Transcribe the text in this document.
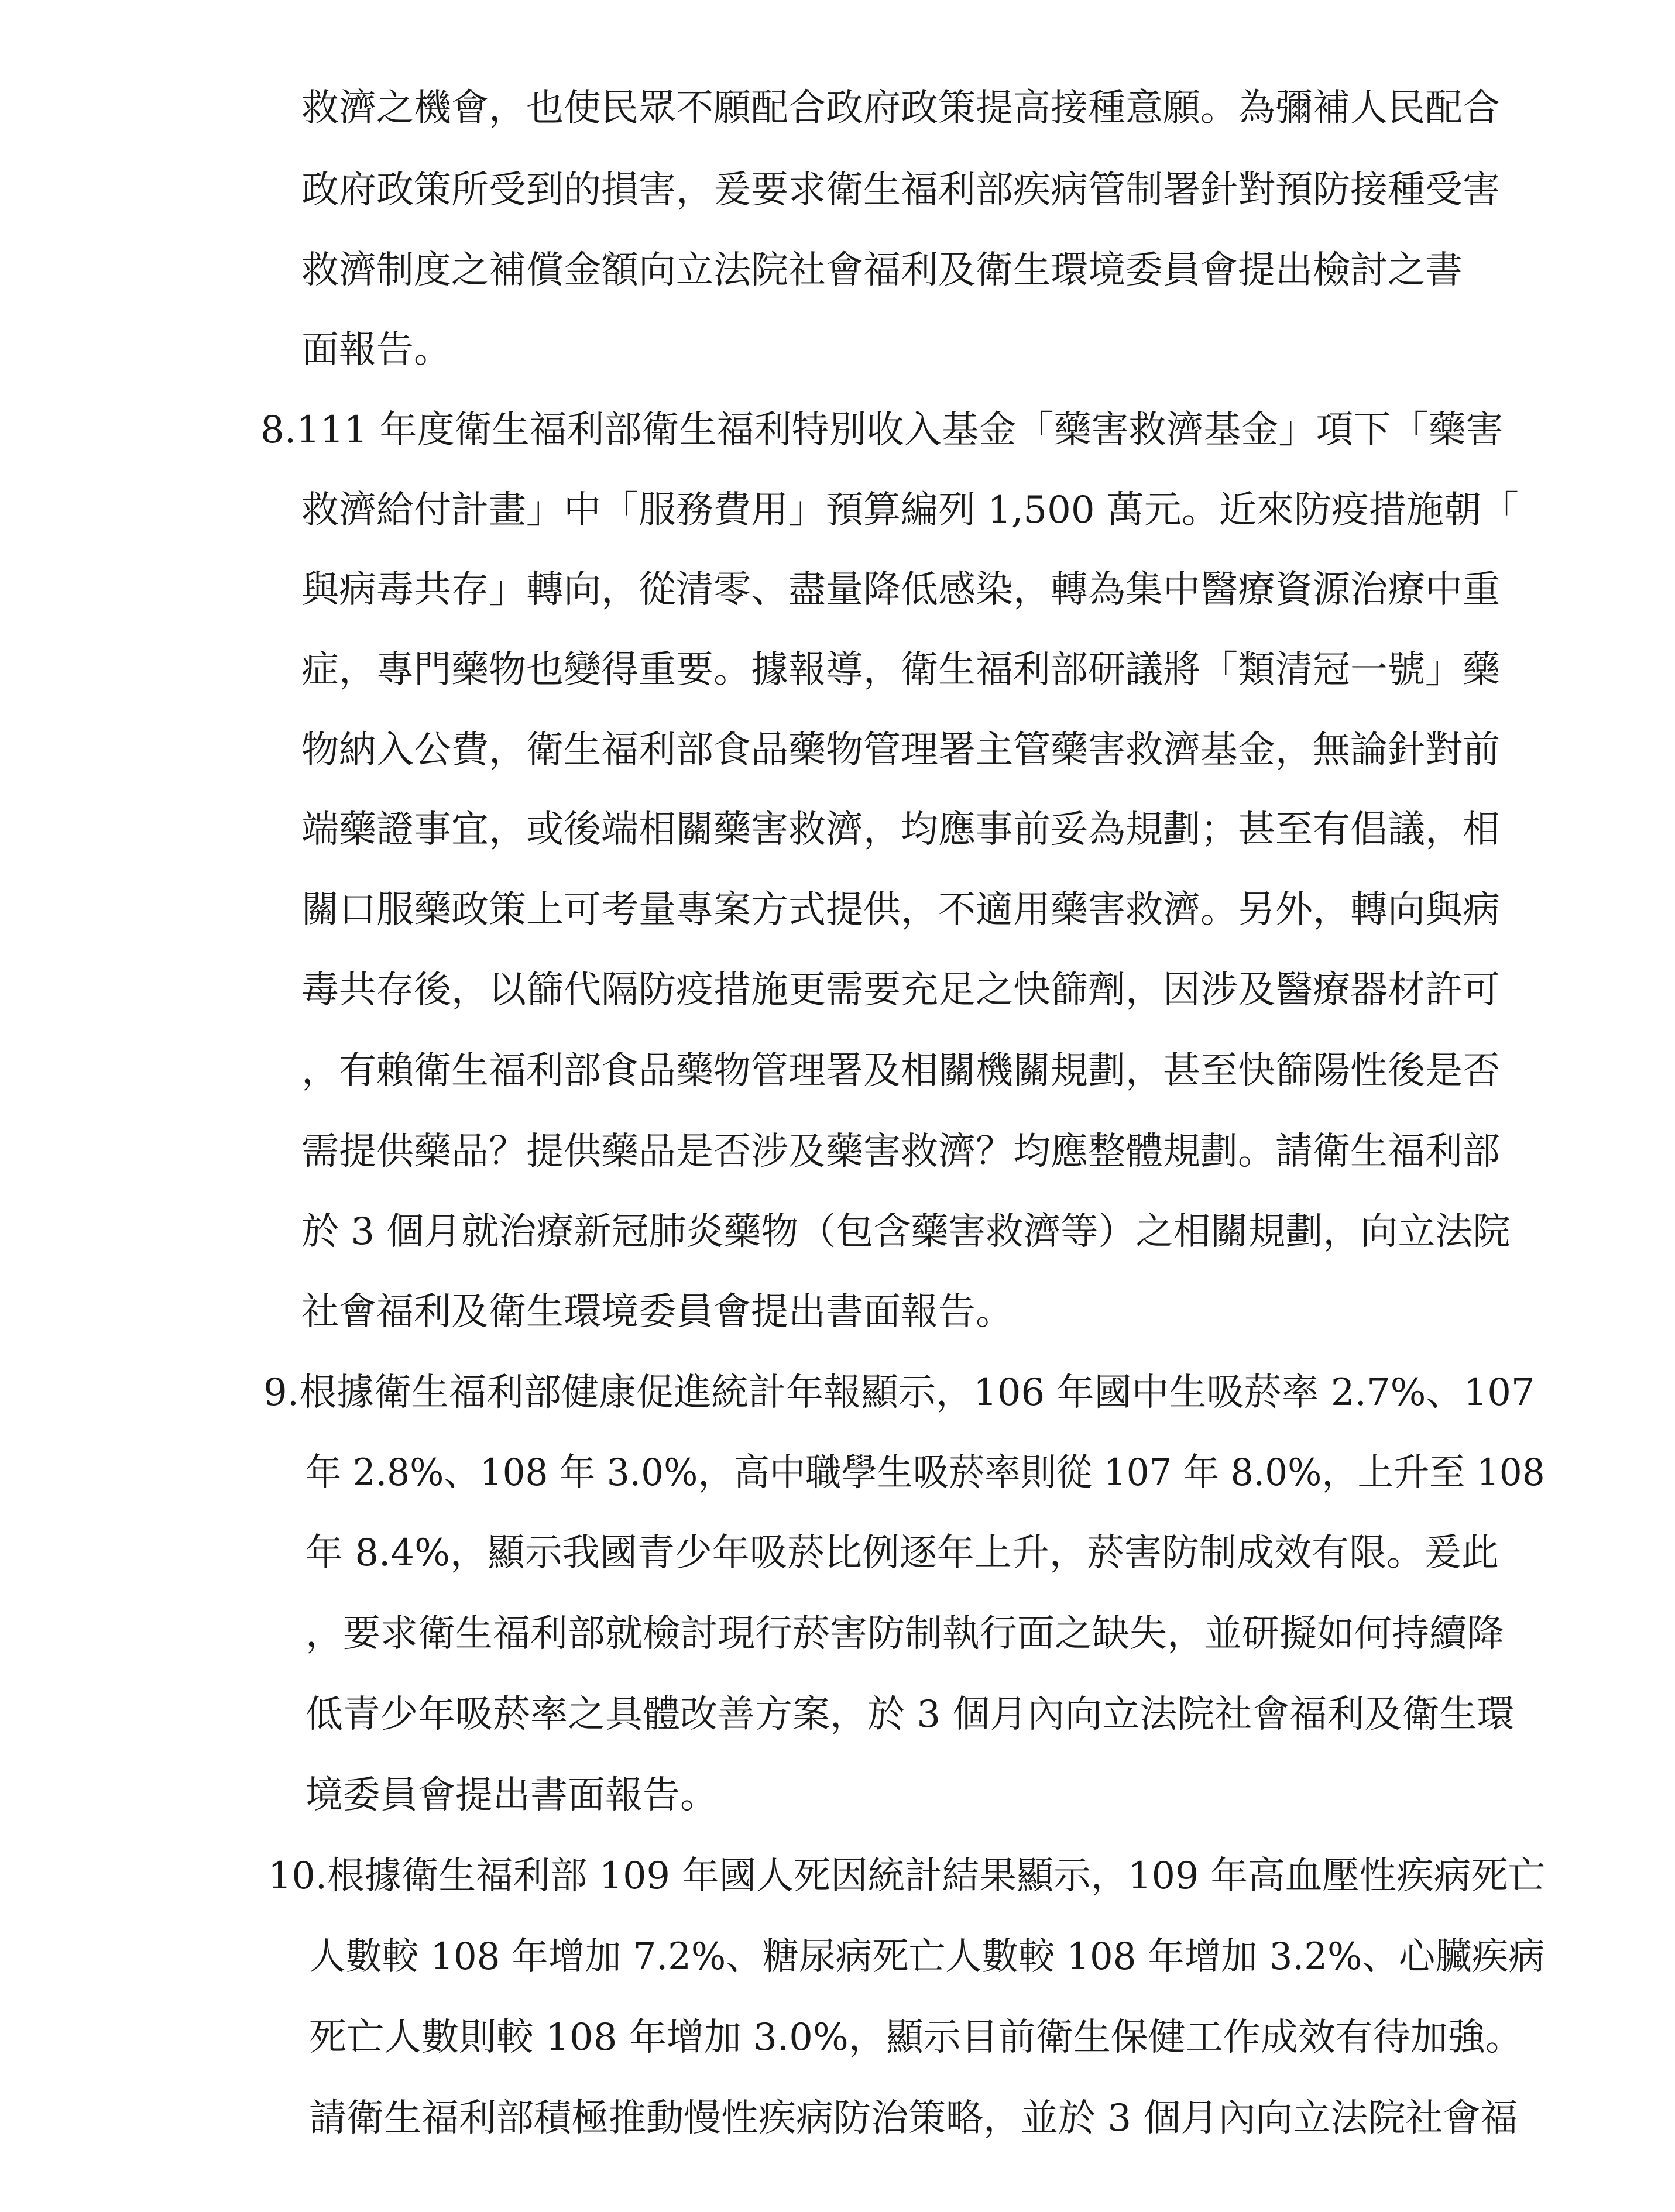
救濟之機會，也使民眾不願配合政府政策提高接種意願。為彌補人民配合
政府政策所受到的損害，爰要求衛生福利部疾病管制署針對預防接種受害
救濟制度之補償金額向立法院社會福利及衛生環境委員會提出檢討之書
面報告。
8.111 年度衛生福利部衛生福利特別收入基金「藥害救濟基金」項下「藥害
救濟給付計畫」中「服務費用」預算編列 1,500 萬元。近來防疫措施朝「
與病毒共存」轉向，從清零、盡量降低感染，轉為集中醫療資源治療中重
症，專門藥物也變得重要。據報導，衛生福利部研議將「類清冠一號」藥
物納入公費，衛生福利部食品藥物管理署主管藥害救濟基金，無論針對前
端藥證事宜，或後端相關藥害救濟，均應事前妥為規劃；甚至有倡議，相
關口服藥政策上可考量專案方式提供，不適用藥害救濟。另外，轉向與病
毒共存後，以篩代隔防疫措施更需要充足之快篩劑，因涉及醫療器材許可
，有賴衛生福利部食品藥物管理署及相關機關規劃，甚至快篩陽性後是否
需提供藥品？提供藥品是否涉及藥害救濟？均應整體規劃。請衛生福利部
於 3 個月就治療新冠肺炎藥物（包含藥害救濟等）之相關規劃，向立法院
社會福利及衛生環境委員會提出書面報告。
9.根據衛生福利部健康促進統計年報顯示，106 年國中生吸菸率 2.7%、107
年 2.8%、108 年 3.0%，高中職學生吸菸率則從 107 年 8.0%，上升至 108
年 8.4%，顯示我國青少年吸菸比例逐年上升，菸害防制成效有限。爰此
，要求衛生福利部就檢討現行菸害防制執行面之缺失，並研擬如何持續降
低青少年吸菸率之具體改善方案，於 3 個月內向立法院社會福利及衛生環
境委員會提出書面報告。
10.根據衛生福利部 109 年國人死因統計結果顯示，109 年高血壓性疾病死亡
人數較 108 年增加 7.2%、糖尿病死亡人數較 108 年增加 3.2%、心臟疾病
死亡人數則較 108 年增加 3.0%，顯示目前衛生保健工作成效有待加強。
請衛生福利部積極推動慢性疾病防治策略，並於 3 個月內向立法院社會福
